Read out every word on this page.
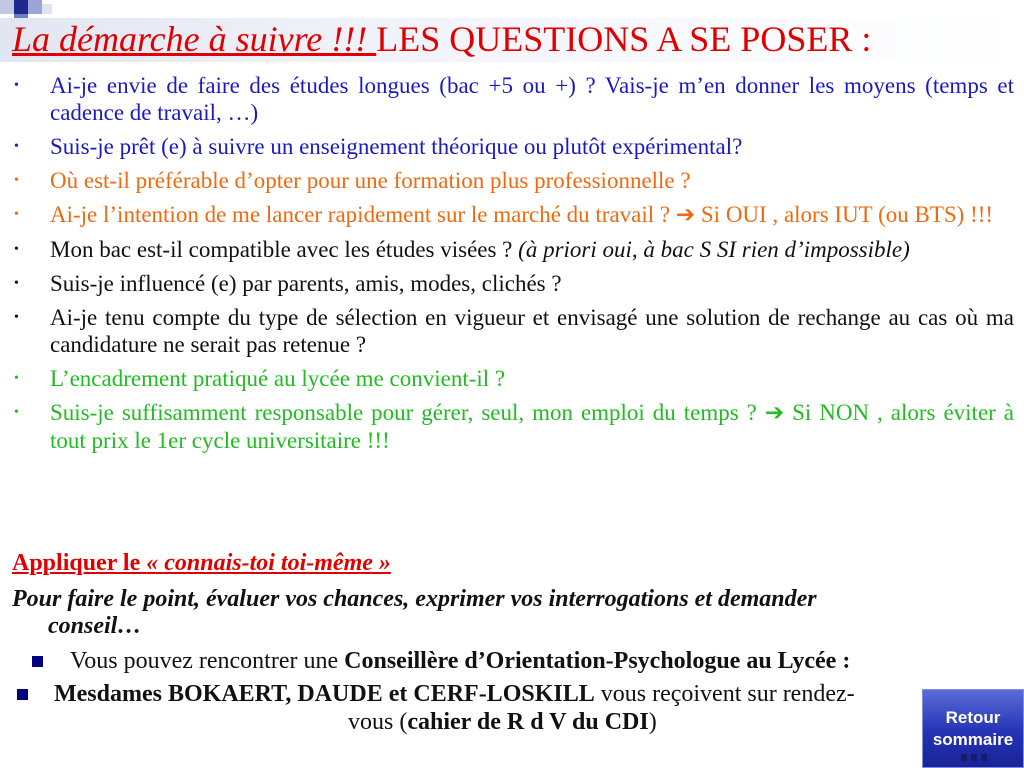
La démarche à suivre !!! LES QUESTIONS A SE POSER :
• Ai-je envie de faire des études longues (bac +5 ou +) ? Vais-je m’en donner les moyens (temps et cadence de travail, …)
• Suis-je prêt (e) à suivre un enseignement théorique ou plutôt expérimental?
• Où est-il préférable d’opter pour une formation plus professionnelle ?
• Ai-je l’intention de me lancer rapidement sur le marché du travail ? ➔ Si OUI , alors IUT (ou BTS) !!!
• Mon bac est-il compatible avec les études visées ? (à priori oui, à bac S SI rien d’impossible)
• Suis-je influencé (e) par parents, amis, modes, clichés ?
• Ai-je tenu compte du type de sélection en vigueur et envisagé une solution de rechange au cas où ma candidature ne serait pas retenue ?
• L’encadrement pratiqué au lycée me convient-il ?
• Suis-je suffisamment responsable pour gérer, seul, mon emploi du temps ? ➔ Si NON , alors éviter à tout prix le 1er cycle universitaire !!!
Appliquer le « connais-toi toi-même »
Pour faire le point, évaluer vos chances, exprimer vos interrogations et demander
conseil…
Vous pouvez rencontrer une Conseillère d’Orientation-Psychologue au Lycée :
Mesdames BOKAERT, DAUDE et CERF-LOSKILL vous reçoivent sur rendez-
vous (cahier de R d V du CDI)	Retour
sommaire
